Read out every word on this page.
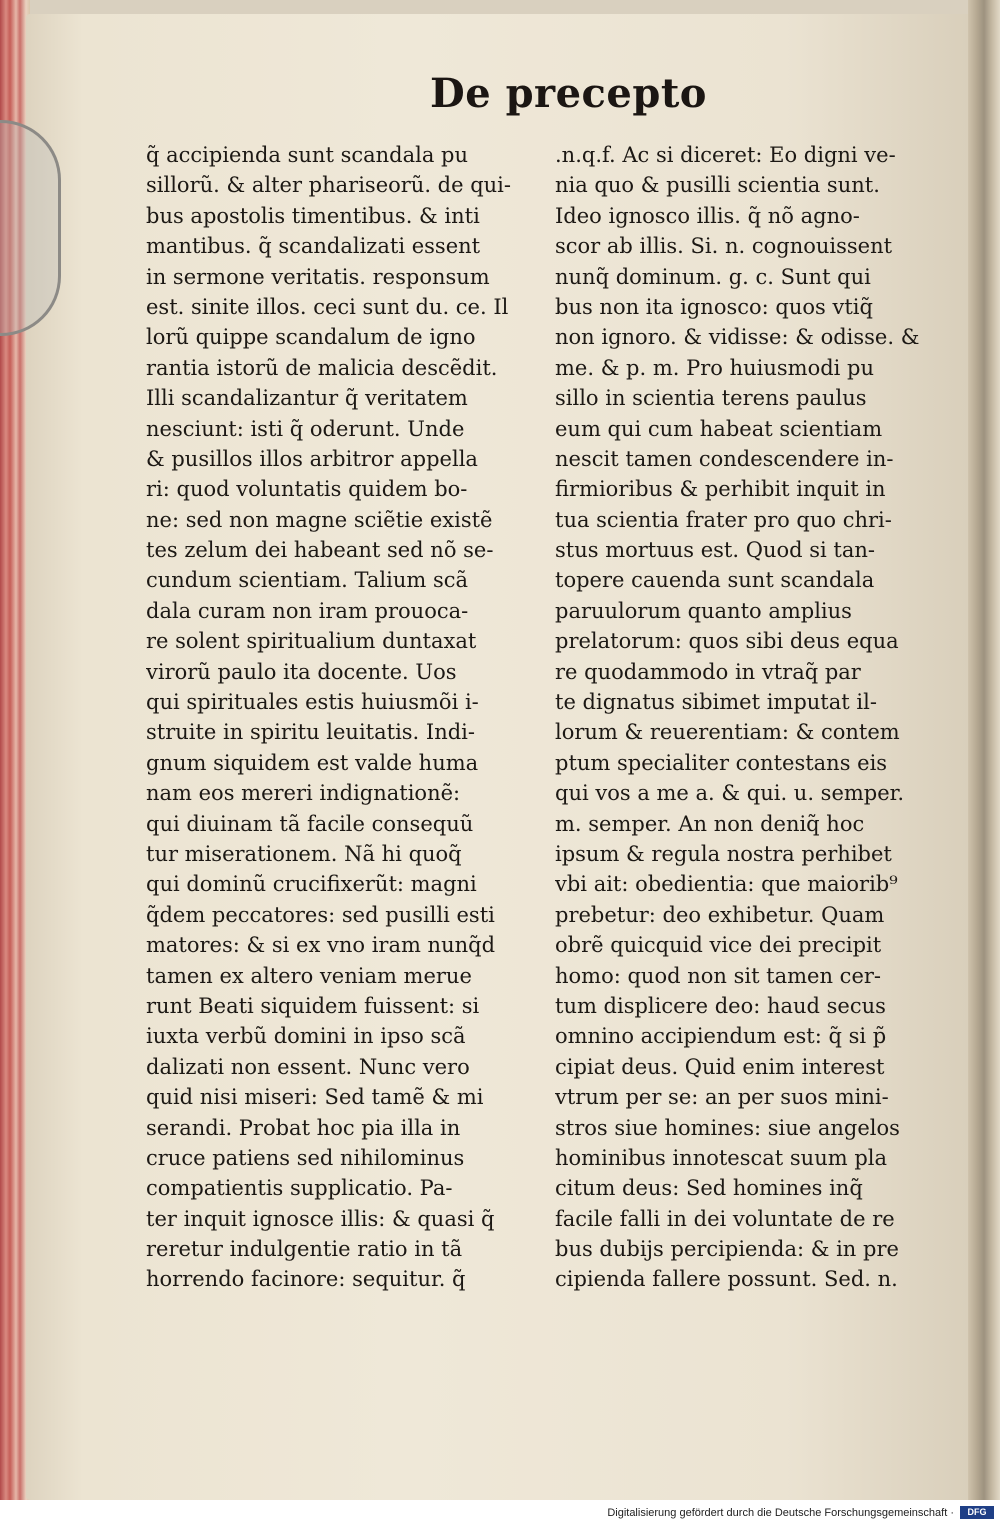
De precepto
q̃ accipienda sunt scandala pu
sillorũ. & alter phariseorũ. de qui-
bus apostolis timentibus. & inti
mantibus. q̃ scandalizati essent
in sermone veritatis. responsum
est. sinite illos. ceci sunt du. ce. Il
lorũ quippe scandalum de igno
rantia istorũ de malicia descẽdit.
Illi scandalizantur q̃ veritatem
nesciunt: isti q̃ oderunt. Unde
& pusillos illos arbitror appella
ri: quod voluntatis quidem bo-
ne: sed non magne sciẽtie existẽ
tes zelum dei habeant sed nõ se-
cundum scientiam. Talium scã
dala curam non iram prouoca-
re solent spiritualium duntaxat
virorũ paulo ita docente. Uos
qui spirituales estis huiusmõi i-
struite in spiritu leuitatis. Indi-
gnum siquidem est valde huma
nam eos mereri indignationẽ:
qui diuinam tã facile consequũ
tur miserationem. Nã hi quoq̃
qui dominũ crucifixerũt: magni
q̃dem peccatores: sed pusilli esti
matores: & si ex vno iram nunq̃d
tamen ex altero veniam merue
runt Beati siquidem fuissent: si
iuxta verbũ domini in ipso scã
dalizati non essent. Nunc vero
quid nisi miseri: Sed tamẽ & mi
serandi. Probat hoc pia illa in
cruce patiens sed nihilominus
compatientis supplicatio. Pa-
ter inquit ignosce illis: & quasi q̃
reretur indulgentie ratio in tã
horrendo facinore: sequitur. q̃
.n.q.f. Ac si diceret: Eo digni ve-
nia quo & pusilli scientia sunt.
Ideo ignosco illis. q̃ nõ agno-
scor ab illis. Si. n. cognouissent
nunq̃ dominum. g. c. Sunt qui
bus non ita ignosco: quos vtiq̃
non ignoro. & vidisse: & odisse. &
me. & p. m. Pro huiusmodi pu
sillo in scientia terens paulus
eum qui cum habeat scientiam
nescit tamen condescendere in-
firmioribus & perhibit inquit in
tua scientia frater pro quo chri-
stus mortuus est. Quod si tan-
topere cauenda sunt scandala
paruulorum quanto amplius
prelatorum: quos sibi deus equa
re quodammodo in vtraq̃ par
te dignatus sibimet imputat il-
lorum & reuerentiam: & contem
ptum specialiter contestans eis
qui vos a me a. & qui. u. semper.
m. semper. An non deniq̃ hoc
ipsum & regula nostra perhibet
vbi ait: obedientia: que maiorib⁹
prebetur: deo exhibetur. Quam
obrẽ quicquid vice dei precipit
homo: quod non sit tamen cer-
tum displicere deo: haud secus
omnino accipiendum est: q̃ si p̃
cipiat deus. Quid enim interest
vtrum per se: an per suos mini-
stros siue homines: siue angelos
hominibus innotescat suum pla
citum deus: Sed homines inq̃
facile falli in dei voluntate de re
bus dubijs percipienda: & in pre
cipienda fallere possunt. Sed. n.
Digitalisierung gefördert durch die Deutsche Forschungsgemeinschaft ·	DFG
